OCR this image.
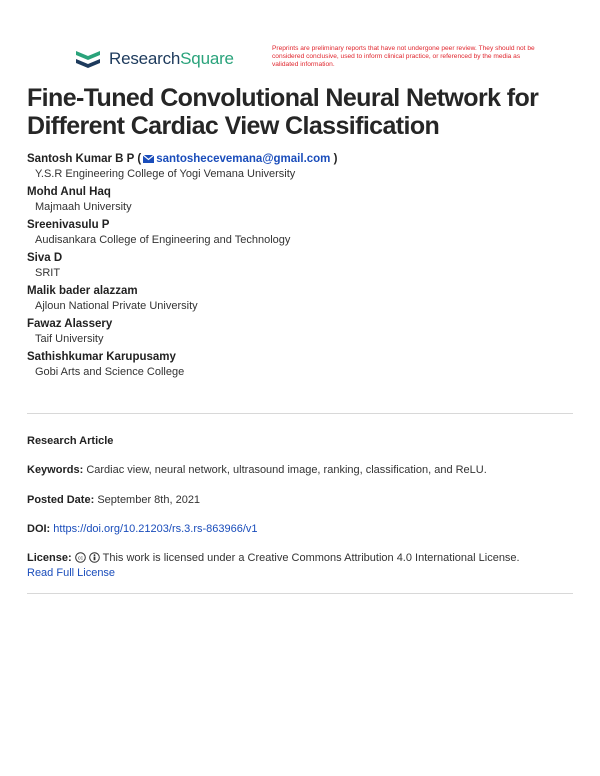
ResearchSquare
Preprints are preliminary reports that have not undergone peer review. They should not be considered conclusive, used to inform clinical practice, or referenced by the media as validated information.
Fine-Tuned Convolutional Neural Network for Different Cardiac View Classification
Santosh Kumar B P ( santoshecevemana@gmail.com )
Y.S.R Engineering College of Yogi Vemana University
Mohd Anul Haq
Majmaah University
Sreenivasulu P
Audisankara College of Engineering and Technology
Siva D
SRIT
Malik bader alazzam
Ajloun National Private University
Fawaz Alassery
Taif University
Sathishkumar Karupusamy
Gobi Arts and Science College
Research Article
Keywords: Cardiac view, neural network, ultrasound image, ranking, classification, and ReLU.
Posted Date: September 8th, 2021
DOI: https://doi.org/10.21203/rs.3.rs-863966/v1
License: cc This work is licensed under a Creative Commons Attribution 4.0 International License.
Read Full License
